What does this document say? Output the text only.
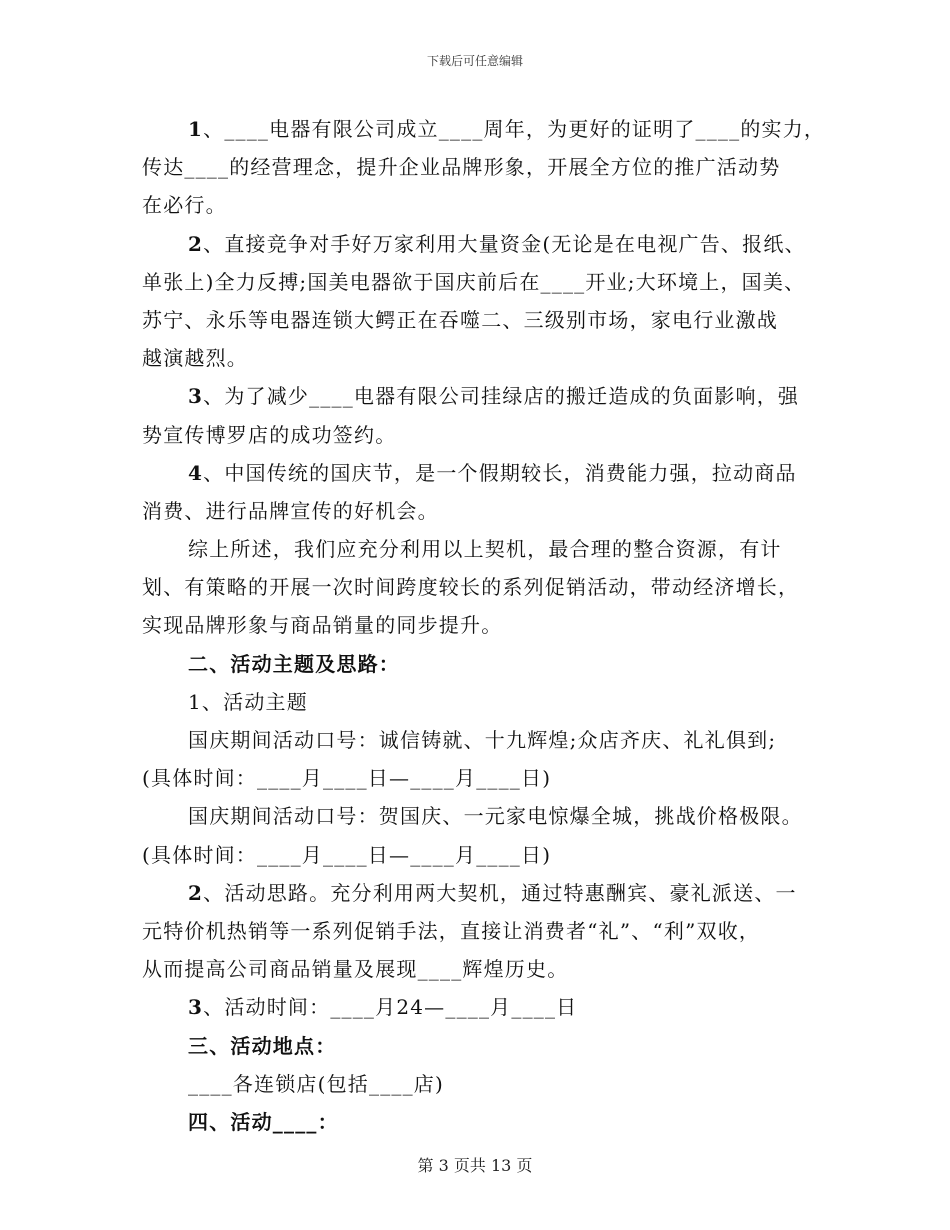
下载后可任意编辑
1、____电器有限公司成立____周年，为更好的证明了____的实力，
传达____的经营理念，提升企业品牌形象，开展全方位的推广活动势
在必行。
2、直接竞争对手好万家利用大量资金(无论是在电视广告、报纸、
单张上)全力反搏;国美电器欲于国庆前后在____开业;大环境上，国美、
苏宁、永乐等电器连锁大鳄正在吞噬二、三级别市场，家电行业激战
越演越烈。
3、为了减少____电器有限公司挂绿店的搬迁造成的负面影响，强
势宣传博罗店的成功签约。
4、中国传统的国庆节，是一个假期较长，消费能力强，拉动商品
消费、进行品牌宣传的好机会。
综上所述，我们应充分利用以上契机，最合理的整合资源，有计
划、有策略的开展一次时间跨度较长的系列促销活动，带动经济增长，
实现品牌形象与商品销量的同步提升。
二、活动主题及思路：
1、活动主题
国庆期间活动口号：诚信铸就、十九辉煌;众店齐庆、礼礼俱到;
(具体时间：____月____日—____月____日)
国庆期间活动口号：贺国庆、一元家电惊爆全城，挑战价格极限。
(具体时间：____月____日—____月____日)
2、活动思路。充分利用两大契机，通过特惠酬宾、豪礼派送、一
元特价机热销等一系列促销手法，直接让消费者“礼”、“利”双收，
从而提高公司商品销量及展现____辉煌历史。
3、活动时间：____月24—____月____日
三、活动地点：
____各连锁店(包括____店)
四、活动____：
第 3 页共 13 页
